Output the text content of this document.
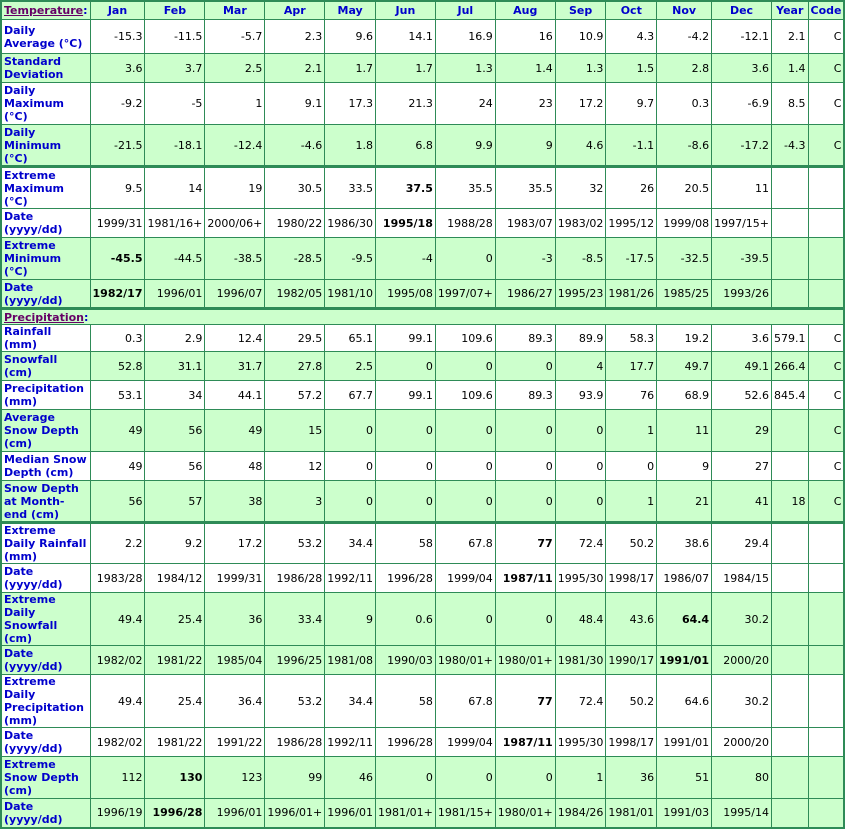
Temperature:	Jan	Feb	Mar	Apr	May	Jun	Jul	Aug	Sep	Oct	Nov	Dec	Year	Code
Daily Average (°C)	-15.3	-11.5	-5.7	2.3	9.6	14.1	16.9	16	10.9	4.3	-4.2	-12.1	2.1	C
Standard Deviation	3.6	3.7	2.5	2.1	1.7	1.7	1.3	1.4	1.3	1.5	2.8	3.6	1.4	C
Daily Maximum (°C)	-9.2	-5	1	9.1	17.3	21.3	24	23	17.2	9.7	0.3	-6.9	8.5	C
Daily Minimum (°C)	-21.5	-18.1	-12.4	-4.6	1.8	6.8	9.9	9	4.6	-1.1	-8.6	-17.2	-4.3	C
Extreme Maximum (°C)	9.5	14	19	30.5	33.5	37.5	35.5	35.5	32	26	20.5	11		
Date (yyyy/dd)	1999/31	1981/16+	2000/06+	1980/22	1986/30	1995/18	1988/28	1983/07	1983/02	1995/12	1999/08	1997/15+		
Extreme Minimum (°C)	-45.5	-44.5	-38.5	-28.5	-9.5	-4	0	-3	-8.5	-17.5	-32.5	-39.5		
Date (yyyy/dd)	1982/17	1996/01	1996/07	1982/05	1981/10	1995/08	1997/07+	1986/27	1995/23	1981/26	1985/25	1993/26		
Precipitation:														
Rainfall (mm)	0.3	2.9	12.4	29.5	65.1	99.1	109.6	89.3	89.9	58.3	19.2	3.6	579.1	C
Snowfall (cm)	52.8	31.1	31.7	27.8	2.5	0	0	0	4	17.7	49.7	49.1	266.4	C
Precipitation (mm)	53.1	34	44.1	57.2	67.7	99.1	109.6	89.3	93.9	76	68.9	52.6	845.4	C
Average Snow Depth (cm)	49	56	49	15	0	0	0	0	0	1	11	29		C
Median Snow Depth (cm)	49	56	48	12	0	0	0	0	0	0	9	27		C
Snow Depth at Month-end (cm)	56	57	38	3	0	0	0	0	0	1	21	41	18	C
Extreme Daily Rainfall (mm)	2.2	9.2	17.2	53.2	34.4	58	67.8	77	72.4	50.2	38.6	29.4		
Date (yyyy/dd)	1983/28	1984/12	1999/31	1986/28	1992/11	1996/28	1999/04	1987/11	1995/30	1998/17	1986/07	1984/15		
Extreme Daily Snowfall (cm)	49.4	25.4	36	33.4	9	0.6	0	0	48.4	43.6	64.4	30.2		
Date (yyyy/dd)	1982/02	1981/22	1985/04	1996/25	1981/08	1990/03	1980/01+	1980/01+	1981/30	1990/17	1991/01	2000/20		
Extreme Daily Precipitation (mm)	49.4	25.4	36.4	53.2	34.4	58	67.8	77	72.4	50.2	64.6	30.2		
Date (yyyy/dd)	1982/02	1981/22	1991/22	1986/28	1992/11	1996/28	1999/04	1987/11	1995/30	1998/17	1991/01	2000/20		
Extreme Snow Depth (cm)	112	130	123	99	46	0	0	0	1	36	51	80		
Date (yyyy/dd)	1996/19	1996/28	1996/01	1996/01+	1996/01	1981/01+	1981/15+	1980/01+	1984/26	1981/01	1991/03	1995/14		
